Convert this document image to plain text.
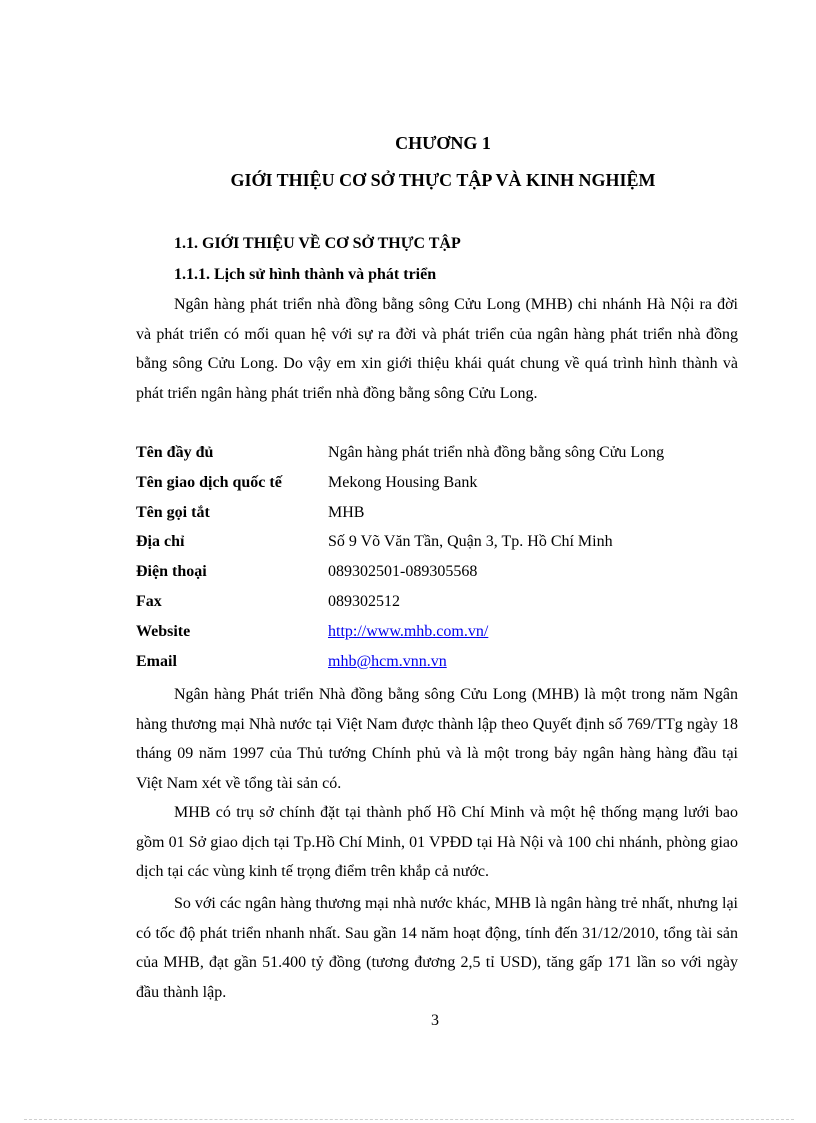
CHƯƠNG 1
GIỚI THIỆU CƠ SỞ THỰC TẬP VÀ KINH NGHIỆM
1.1. GIỚI THIỆU VỀ CƠ SỞ THỰC TẬP
1.1.1. Lịch sử hình thành và phát triển

Ngân hàng phát triển nhà đồng bằng sông Cửu Long (MHB) chi nhánh Hà Nội ra đời và phát triển có mối quan hệ với sự ra đời và phát triển của ngân hàng phát triển nhà đồng bằng sông Cửu Long. Do vậy em xin giới thiệu khái quát chung về quá trình hình thành và phát triển ngân hàng phát triển nhà đồng bằng sông Cửu Long.

Tên đầy đủ	Ngân hàng phát triển nhà đồng bằng sông Cửu Long
Tên giao dịch quốc tế	Mekong Housing Bank
Tên gọi tắt	MHB
Địa chỉ	Số 9 Võ Văn Tần, Quận 3, Tp. Hồ Chí Minh
Điện thoại	089302501-089305568
Fax	089302512
Website	http://www.mhb.com.vn/
Email	mhb@hcm.vnn.vn

Ngân hàng Phát triển Nhà đồng bằng sông Cửu Long (MHB) là một trong năm Ngân hàng thương mại Nhà nước tại Việt Nam được thành lập theo Quyết định số 769/TTg ngày 18 tháng 09 năm 1997 của Thủ tướng Chính phủ và là một trong bảy ngân hàng hàng đầu tại Việt Nam xét về tổng tài sản có.

MHB có trụ sở chính đặt tại thành phố Hồ Chí Minh và một hệ thống mạng lưới bao gồm 01 Sở giao dịch tại Tp.Hồ Chí Minh, 01 VPĐD tại Hà Nội và 100 chi nhánh, phòng giao dịch tại các vùng kinh tế trọng điểm trên khắp cả nước.

So với các ngân hàng thương mại nhà nước khác, MHB là ngân hàng trẻ nhất, nhưng lại có tốc độ phát triển nhanh nhất. Sau gần 14 năm hoạt động, tính đến 31/12/2010, tổng tài sản của MHB, đạt gần 51.400 tỷ đồng (tương đương 2,5 tỉ USD), tăng gấp 171 lần so với ngày đầu thành lập.

3
